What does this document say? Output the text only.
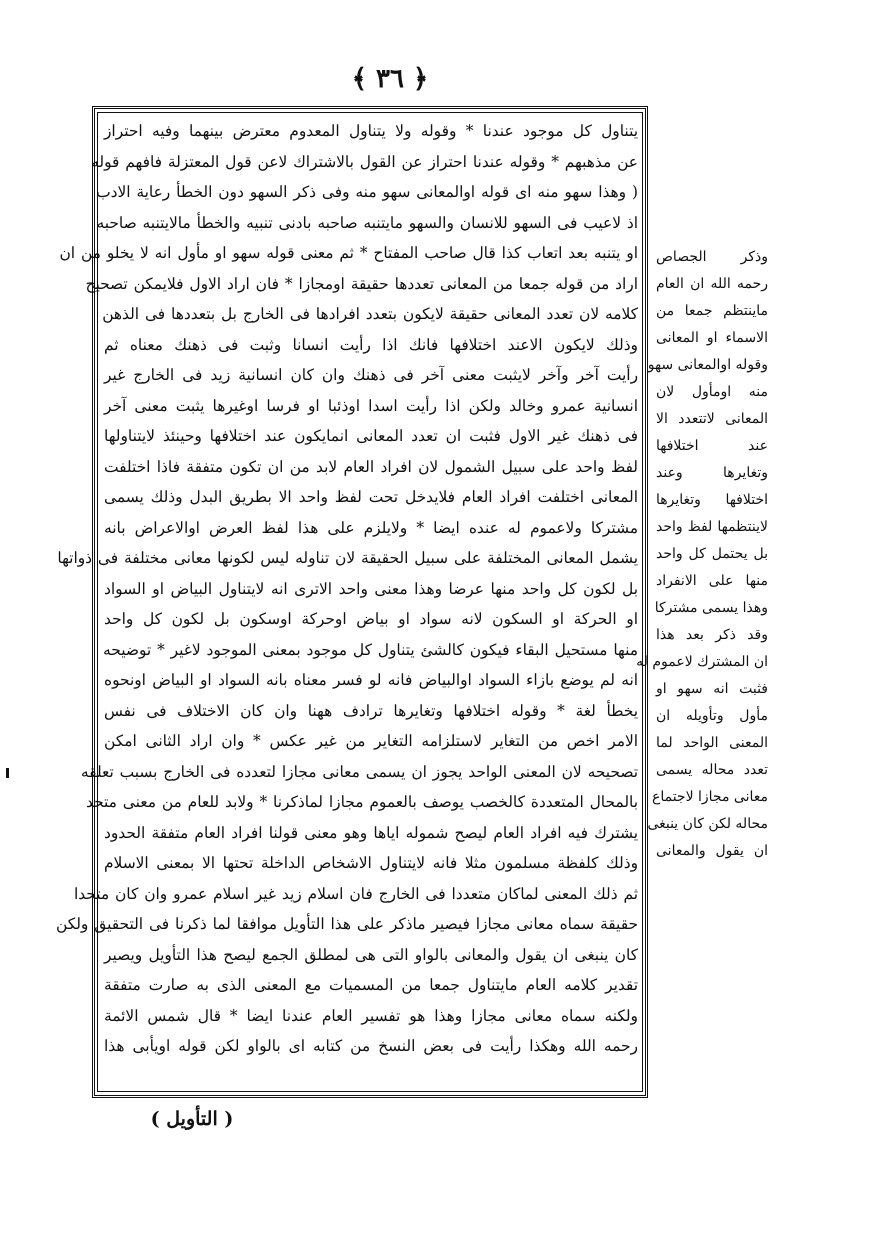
﴿ ٣٦ ﴾
يتناول كل موجود عندنا * وقوله ولا يتناول المعدوم معترض بينهما وفيه احتراز
عن مذهبهم * وقوله عندنا احتراز عن القول بالاشتراك لاعن قول المعتزلة فافهم قوله
( وهذا سهو منه اى قوله اوالمعانى سهو منه وفى ذكر السهو دون الخطأ رعاية الادب
اذ لاعيب فى السهو للانسان والسهو مايتنبه صاحبه بادنى تنبيه والخطأ مالايتنبه صاحبه
او يتنبه بعد اتعاب كذا قال صاحب المفتاح * ثم معنى قوله سهو او مأول انه لا يخلو من ان
اراد من قوله جمعا من المعانى تعددها حقيقة اومجازا * فان اراد الاول فلايمكن تصحيح
كلامه لان تعدد المعانى حقيقة لايكون بتعدد افرادها فى الخارج بل بتعددها فى الذهن
وذلك لايكون الاعند اختلافها فانك اذا رأيت انسانا وثبت فى ذهنك معناه ثم
رأيت آخر وآخر لايثبت معنى آخر فى ذهنك وان كان انسانية زيد فى الخارج غير
انسانية عمرو وخالد ولكن اذا رأيت اسدا اوذئبا او فرسا اوغيرها يثبت معنى آخر
فى ذهنك غير الاول فثبت ان تعدد المعانى انمايكون عند اختلافها وحينئذ لايتناولها
لفظ واحد على سبيل الشمول لان افراد العام لابد من ان تكون متفقة فاذا اختلفت
المعانى اختلفت افراد العام فلايدخل تحت لفظ واحد الا بطريق البدل وذلك يسمى
مشتركا ولاعموم له عنده ايضا * ولايلزم على هذا لفظ العرض اوالاعراض بانه
يشمل المعانى المختلفة على سبيل الحقيقة لان تناوله ليس لكونها معانى مختلفة فى ذواتها
بل لكون كل واحد منها عرضا وهذا معنى واحد الاترى انه لايتناول البياض او السواد
او الحركة او السكون لانه سواد او بياض اوحركة اوسكون بل لكون كل واحد
منها مستحيل البقاء فيكون كالشئ يتناول كل موجود بمعنى الموجود لاغير * توضيحه
انه لم يوضع بازاء السواد اوالبياض فانه لو فسر معناه بانه السواد او البياض اونحوه
يخطأ لغة * وقوله اختلافها وتغايرها ترادف ههنا وان كان الاختلاف فى نفس
الامر اخص من التغاير لاستلزامه التغاير من غير عكس * وان اراد الثانى امكن
تصحيحه لان المعنى الواحد يجوز ان يسمى معانى مجازا لتعدده فى الخارج بسبب تعلقه
بالمحال المتعددة كالخصب يوصف بالعموم مجازا لماذكرنا * ولابد للعام من معنى متحد
يشترك فيه افراد العام ليصح شموله اياها وهو معنى قولنا افراد العام متفقة الحدود
وذلك كلفظة مسلمون مثلا فانه لايتناول الاشخاص الداخلة تحتها الا بمعنى الاسلام
ثم ذلك المعنى لماكان متعددا فى الخارج فان اسلام زيد غير اسلام عمرو وان كان متحدا
حقيقة سماه معانى مجازا فيصير ماذكر على هذا التأويل موافقا لما ذكرنا فى التحقيق ولكن
كان ينبغى ان يقول والمعانى بالواو التى هى لمطلق الجمع ليصح هذا التأويل ويصير
تقدير كلامه العام مايتناول جمعا من المسميات مع المعنى الذى به صارت متفقة
ولكنه سماه معانى مجازا وهذا هو تفسير العام عندنا ايضا * قال شمس الائمة
رحمه الله وهكذا رأيت فى بعض النسخ من كتابه اى بالواو لكن قوله اويأبى هذا
وذكر الجصاص
رحمه الله ان العام
ماينتظم جمعا من
الاسماء او المعانى
وقوله اوالمعانى سهو
منه اومأول لان
المعانى لاتتعدد الا
عند اختلافها
وتغايرها وعند
اختلافها وتغايرها
لاينتظمها لفظ واحد
بل يحتمل كل واحد
منها على الانفراد
وهذا يسمى مشتركا
وقد ذكر بعد هذا
ان المشترك لاعموم له
فثبت انه سهو او
مأول وتأويله ان
المعنى الواحد لما
تعدد محاله يسمى
معانى مجازا لاجتماع
محاله لكن كان ينبغى
ان يقول والمعانى
( التأويل )
